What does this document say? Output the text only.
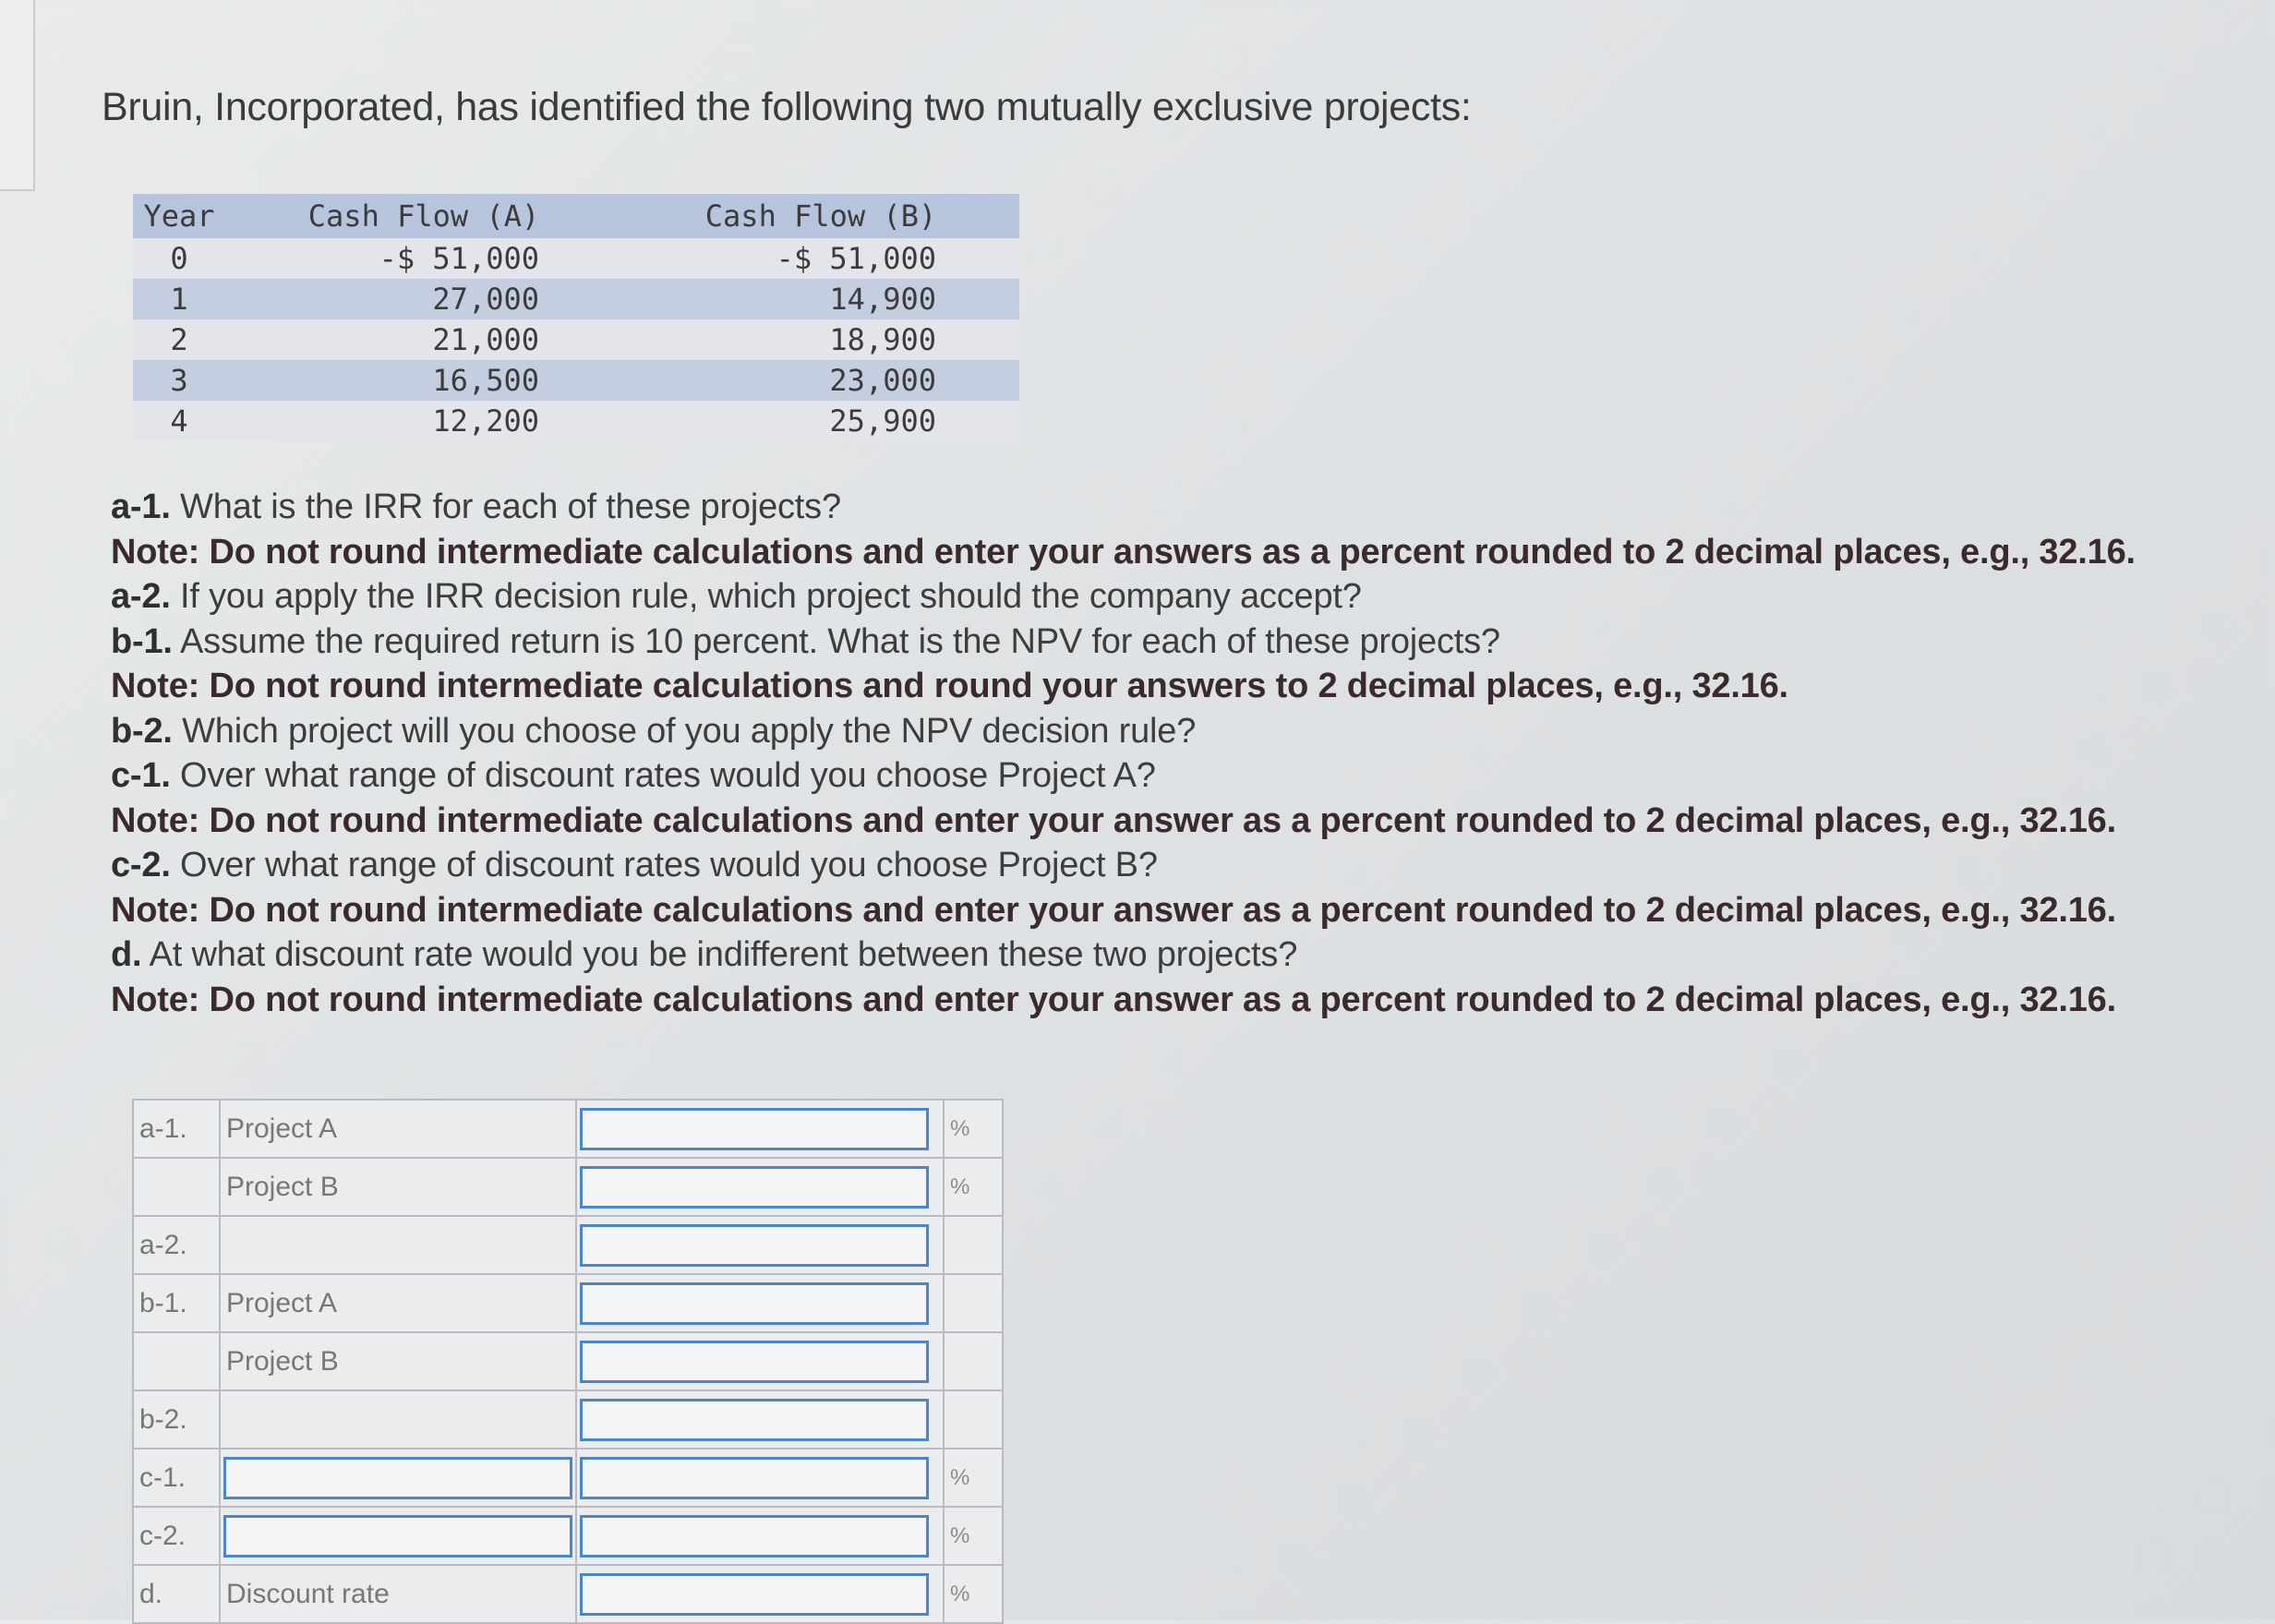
Bruin, Incorporated, has identified the following two mutually exclusive projects:

Year	Cash Flow (A)	Cash Flow (B)
0	-$ 51,000	-$ 51,000
1	27,000	14,900
2	21,000	18,900
3	16,500	23,000
4	12,200	25,900
a-1. What is the IRR for each of these projects?
Note: Do not round intermediate calculations and enter your answers as a percent rounded to 2 decimal places, e.g., 32.16.
a-2. If you apply the IRR decision rule, which project should the company accept?
b-1. Assume the required return is 10 percent. What is the NPV for each of these projects?
Note: Do not round intermediate calculations and round your answers to 2 decimal places, e.g., 32.16.
b-2. Which project will you choose of you apply the NPV decision rule?
c-1. Over what range of discount rates would you choose Project A?
Note: Do not round intermediate calculations and enter your answer as a percent rounded to 2 decimal places, e.g., 32.16.
c-2. Over what range of discount rates would you choose Project B?
Note: Do not round intermediate calculations and enter your answer as a percent rounded to 2 decimal places, e.g., 32.16.
d. At what discount rate would you be indifferent between these two projects?
Note: Do not round intermediate calculations and enter your answer as a percent rounded to 2 decimal places, e.g., 32.16.
a-1.	Project A		%
	Project B		%
a-2.			
b-1.	Project A		
	Project B		
b-2.			
c-1.			%
c-2.			%
d.	Discount rate		%
